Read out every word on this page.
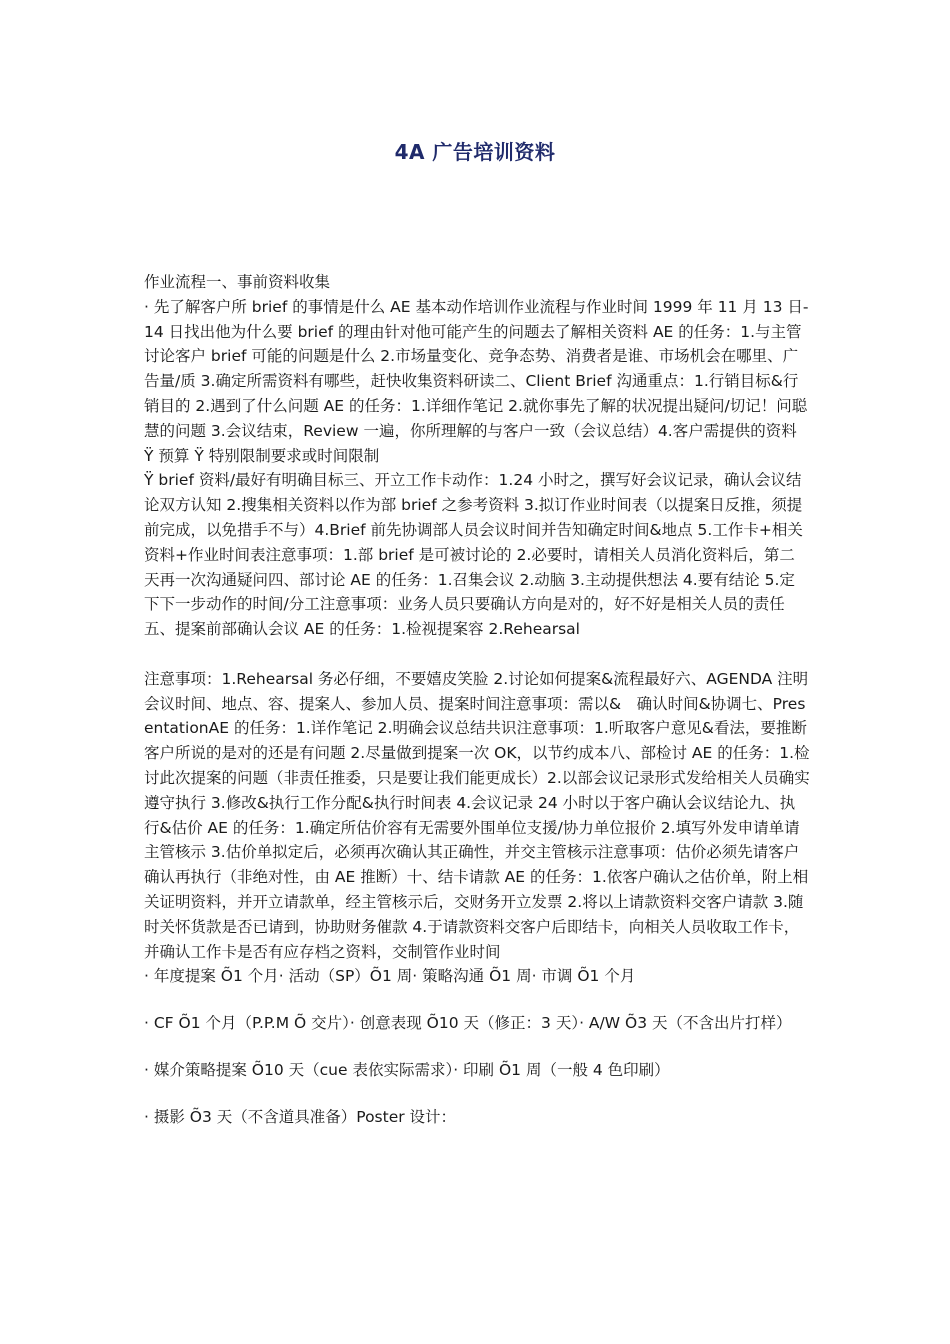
4A 广告培训资料

作业流程一、事前资料收集

· 先了解客户所 brief 的事情是什么 AE 基本动作培训作业流程与作业时间 1999 年 11 月 13 日-14 日找出他为什么要 brief 的理由针对他可能产生的问题去了解相关资料 AE 的任务：1.与主管讨论客户 brief 可能的问题是什么 2.市场量变化、竞争态势、消费者是谁、市场机会在哪里、广告量/质 3.确定所需资料有哪些，赶快收集资料研读二、Client Brief 沟通重点：1.行销目标&行销目的 2.遇到了什么问题 AE 的任务：1.详细作笔记 2.就你事先了解的状况提出疑问/切记！问聪慧的问题 3.会议结束，Review 一遍，你所理解的与客户一致（会议总结）4.客户需提供的资料 Ÿ 预算 Ÿ 特别限制要求或时间限制

Ÿ brief 资料/最好有明确目标三、开立工作卡动作：1.24 小时之，撰写好会议记录，确认会议结论双方认知 2.搜集相关资料以作为部 brief 之参考资料 3.拟订作业时间表（以提案日反推，须提前完成，以免措手不与）4.Brief 前先协调部人员会议时间并告知确定时间&地点 5.工作卡+相关资料+作业时间表注意事项：1.部 brief 是可被讨论的 2.必要时，请相关人员消化资料后，第二天再一次沟通疑问四、部讨论 AE 的任务：1.召集会议 2.动脑 3.主动提供想法 4.要有结论 5.定下下一步动作的时间/分工注意事项：业务人员只要确认方向是对的，好不好是相关人员的责任五、提案前部确认会议 AE 的任务：1.检视提案容 2.Rehearsal

注意事项：1.Rehearsal 务必仔细，不要嬉皮笑脸 2.讨论如何提案&流程最好六、AGENDA 注明会议时间、地点、容、提案人、参加人员、提案时间注意事项：需以&　确认时间&协调七、PresentationAE 的任务：1.详作笔记 2.明确会议总结共识注意事项：1.听取客户意见&看法，要推断客户所说的是对的还是有问题 2.尽量做到提案一次 OK，以节约成本八、部检讨 AE 的任务：1.检讨此次提案的问题（非责任推委，只是要让我们能更成长）2.以部会议记录形式发给相关人员确实遵守执行 3.修改&执行工作分配&执行时间表 4.会议记录 24 小时以于客户确认会议结论九、执行&估价 AE 的任务：1.确定所估价容有无需要外围单位支援/协力单位报价 2.填写外发申请单请主管核示 3.估价单拟定后，必须再次确认其正确性，并交主管核示注意事项：估价必须先请客户确认再执行（非绝对性，由 AE 推断）十、结卡请款 AE 的任务：1.依客户确认之估价单，附上相关证明资料，并开立请款单，经主管核示后，交财务开立发票 2.将以上请款资料交客户请款 3.随时关怀货款是否已请到，协助财务催款 4.于请款资料交客户后即结卡，向相关人员收取工作卡，并确认工作卡是否有应存档之资料，交制管作业时间

· 年度提案 Õ1 个月· 活动（SP）Õ1 周· 策略沟通 Õ1 周· 市调 Õ1 个月

· CF Õ1 个月（P.P.M Õ 交片）· 创意表现 Õ10 天（修正：3 天）· A/W Õ3 天（不含出片打样）

· 媒介策略提案 Õ10 天（cue 表依实际需求）· 印刷 Õ1 周（一般 4 色印刷）

· 摄影 Õ3 天（不含道具准备）Poster 设计：
